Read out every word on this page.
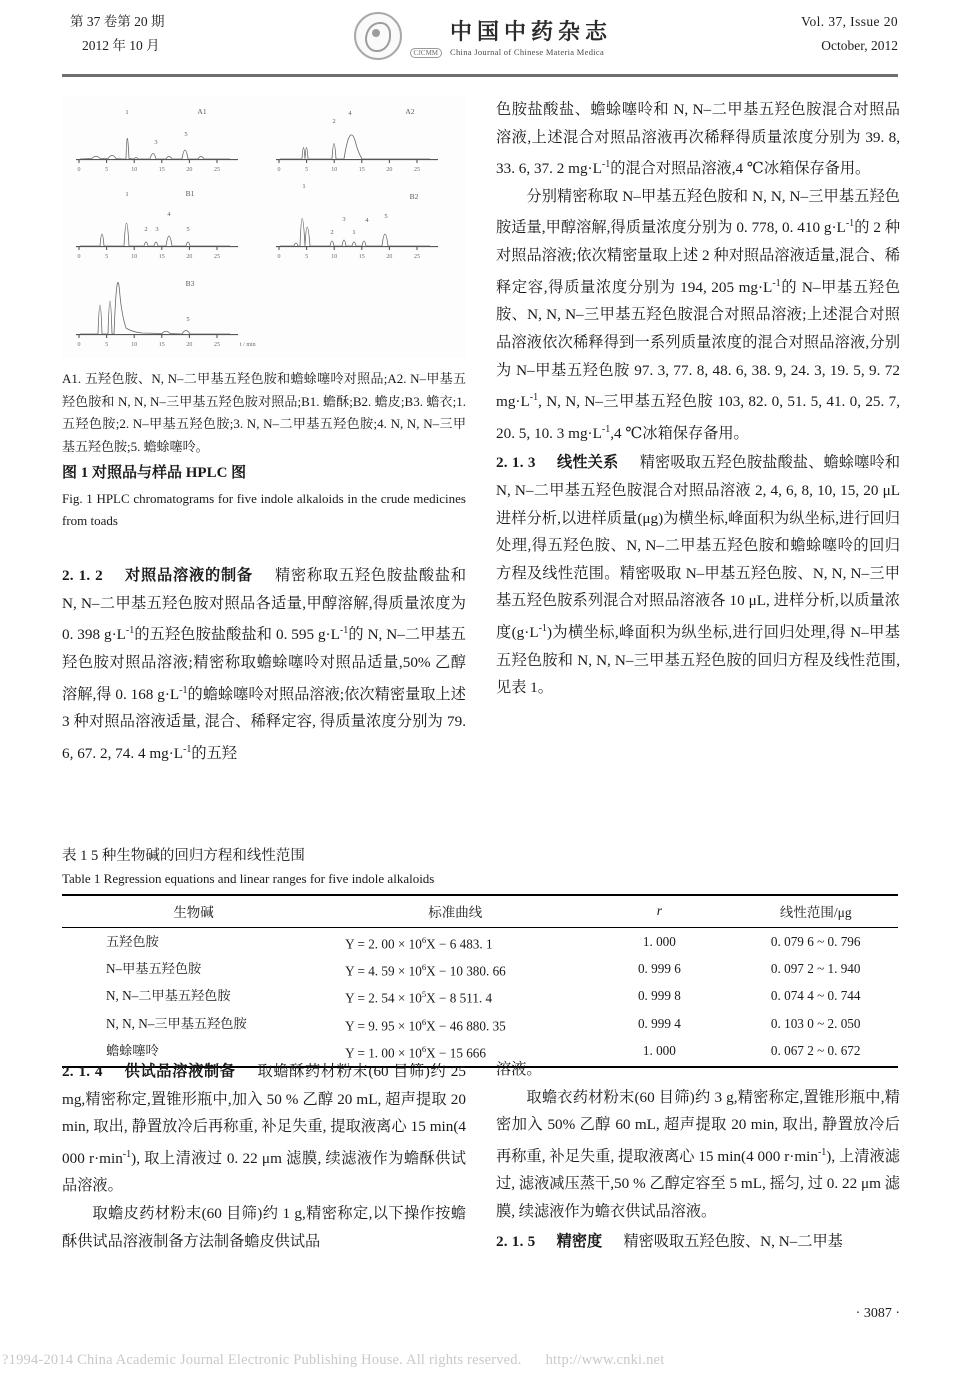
第 37 卷第 20 期
2012 年 10 月
CJCMM
中国中药杂志
China Journal of Chinese Materia Medica
Vol. 37, Issue 20
October, 2012
0	5	10	15	20	25
1
3
5
A1
0	5	10	15	20	25
2
4	A2
0	5	10	15	20	25
1
2 3
4
5
B1
0	5	10	15	20	25
1
3
2	1
4
5
B2
0	5	10	15	20	25
5
B3
t / min
A1. 五羟色胺、N, N–二甲基五羟色胺和蟾蜍噻呤对照品;A2. N–甲基五羟色胺和 N, N, N–三甲基五羟色胺对照品;B1. 蟾酥;B2. 蟾皮;B3. 蟾衣;1. 五羟色胺;2. N–甲基五羟色胺;3. N, N–二甲基五羟色胺;4. N, N, N–三甲基五羟色胺;5. 蟾蜍噻呤。
图 1 对照品与样品 HPLC 图
Fig. 1 HPLC chromatograms for five indole alkaloids in the crude medicines from toads

2. 1. 2 对照品溶液的制备 精密称取五羟色胺盐酸盐和 N, N–二甲基五羟色胺对照品各适量,甲醇溶解,得质量浓度为 0. 398 $g\cdot L^{-1}$的五羟色胺盐酸盐和 0. 595 $g\cdot L^{-1}$的 N, N–二甲基五羟色胺对照品溶液;精密称取蟾蜍噻呤对照品适量,50% 乙醇溶解,得 0. 168 $g\cdot L^{-1}$的蟾蜍噻呤对照品溶液;依次精密量取上述 3 种对照品溶液适量, 混合、稀释定容, 得质量浓度分别为 79. 6, 67. 2, 74. 4 $mg\cdot L^{-1}$的五羟

色胺盐酸盐、蟾蜍噻呤和 N, N–二甲基五羟色胺混合对照品溶液,上述混合对照品溶液再次稀释得质量浓度分别为 39. 8, 33. 6, 37. 2 $mg\cdot L^{-1}$的混合对照品溶液,4 ℃冰箱保存备用。

分别精密称取 N–甲基五羟色胺和 N, N, N–三甲基五羟色胺适量,甲醇溶解,得质量浓度分别为 0. 778, 0. 410 $g\cdot L^{-1}$的 2 种对照品溶液;依次精密量取上述 2 种对照品溶液适量,混合、稀释定容,得质量浓度分别为 194, 205 $mg\cdot L^{-1}$的 N–甲基五羟色胺、N, N, N–三甲基五羟色胺混合对照品溶液;上述混合对照品溶液依次稀释得到一系列质量浓度的混合对照品溶液,分别为 N–甲基五羟色胺 97. 3, 77. 8, 48. 6, 38. 9, 24. 3, 19. 5, 9. 72 $mg\cdot L^{-1}$, N, N, N–三甲基五羟色胺 103, 82. 0, 51. 5, 41. 0, 25. 7, 20. 5, 10. 3 $mg\cdot L^{-1},4$ ℃冰箱保存备用。

2. 1. 3 线性关系 精密吸取五羟色胺盐酸盐、蟾蜍噻呤和 N, N–二甲基五羟色胺混合对照品溶液 2, 4, 6, 8, 10, 15, 20 μL 进样分析,以进样质量(μg)为横坐标,峰面积为纵坐标,进行回归处理,得五羟色胺、N, N–二甲基五羟色胺和蟾蜍噻呤的回归方程及线性范围。精密吸取 N–甲基五羟色胺、N, N, N–三甲基五羟色胺系列混合对照品溶液各 10 μL, 进样分析,以质量浓度$(g\cdot L^{-1})$为横坐标,峰面积为纵坐标,进行回归处理,得 N–甲基五羟色胺和 N, N, N–三甲基五羟色胺的回归方程及线性范围,见表 1。

表 1 5 种生物碱的回归方程和线性范围
Table 1 Regression equations and linear ranges for five indole alkaloids
生物碱	标准曲线	r	线性范围/μg
五羟色胺	Y = 2. $00 \times 10^6X - 6$ 483. 1	1. 000	0. 079 6 ~ 0. 796
N–甲基五羟色胺	Y = 4. $59 \times 10^6X - 10$ 380. 66	0. 999 6	0. 097 2 ~ 1. 940
N, N–二甲基五羟色胺	Y = 2. $54 \times 10^5X - 8$ 511. 4	0. 999 8	0. 074 4 ~ 0. 744
N, N, N–三甲基五羟色胺	Y = 9. $95 \times 10^6X - 46$ 880. 35	0. 999 4	0. 103 0 ~ 2. 050
蟾蜍噻呤	Y = 1. $00 \times 10^6X - 15$ 666	1. 000	0. 067 2 ~ 0. 672

2. 1. 4 供试品溶液制备 取蟾酥药材粉末(60 目筛)约 25 mg,精密称定,置锥形瓶中,加入 50 % 乙醇 20 mL, 超声提取 20 min, 取出, 静置放冷后再称重, 补足失重, 提取液离心 15 min(4 000 $r\cdot\min^{-1}$), 取上清液过 0. 22 μm 滤膜, 续滤液作为蟾酥供试品溶液。

取蟾皮药材粉末(60 目筛)约 1 g,精密称定,以下操作按蟾酥供试品溶液制备方法制备蟾皮供试品

溶液。

取蟾衣药材粉末(60 目筛)约 3 g,精密称定,置锥形瓶中,精密加入 50% 乙醇 60 mL, 超声提取 20 min, 取出, 静置放冷后再称重, 补足失重, 提取液离心 15 min(4 000 $r\cdot\min^{-1}$), 上清液滤过, 滤液减压蒸干,50 % 乙醇定容至 5 mL, 摇匀, 过 0. 22 μm 滤膜, 续滤液作为蟾衣供试品溶液。

2. 1. 5 精密度 精密吸取五羟色胺、N, N–二甲基

· 3087 ·
?1994-2014 China Academic Journal Electronic Publishing House. All rights reserved. http://www.cnki.net
